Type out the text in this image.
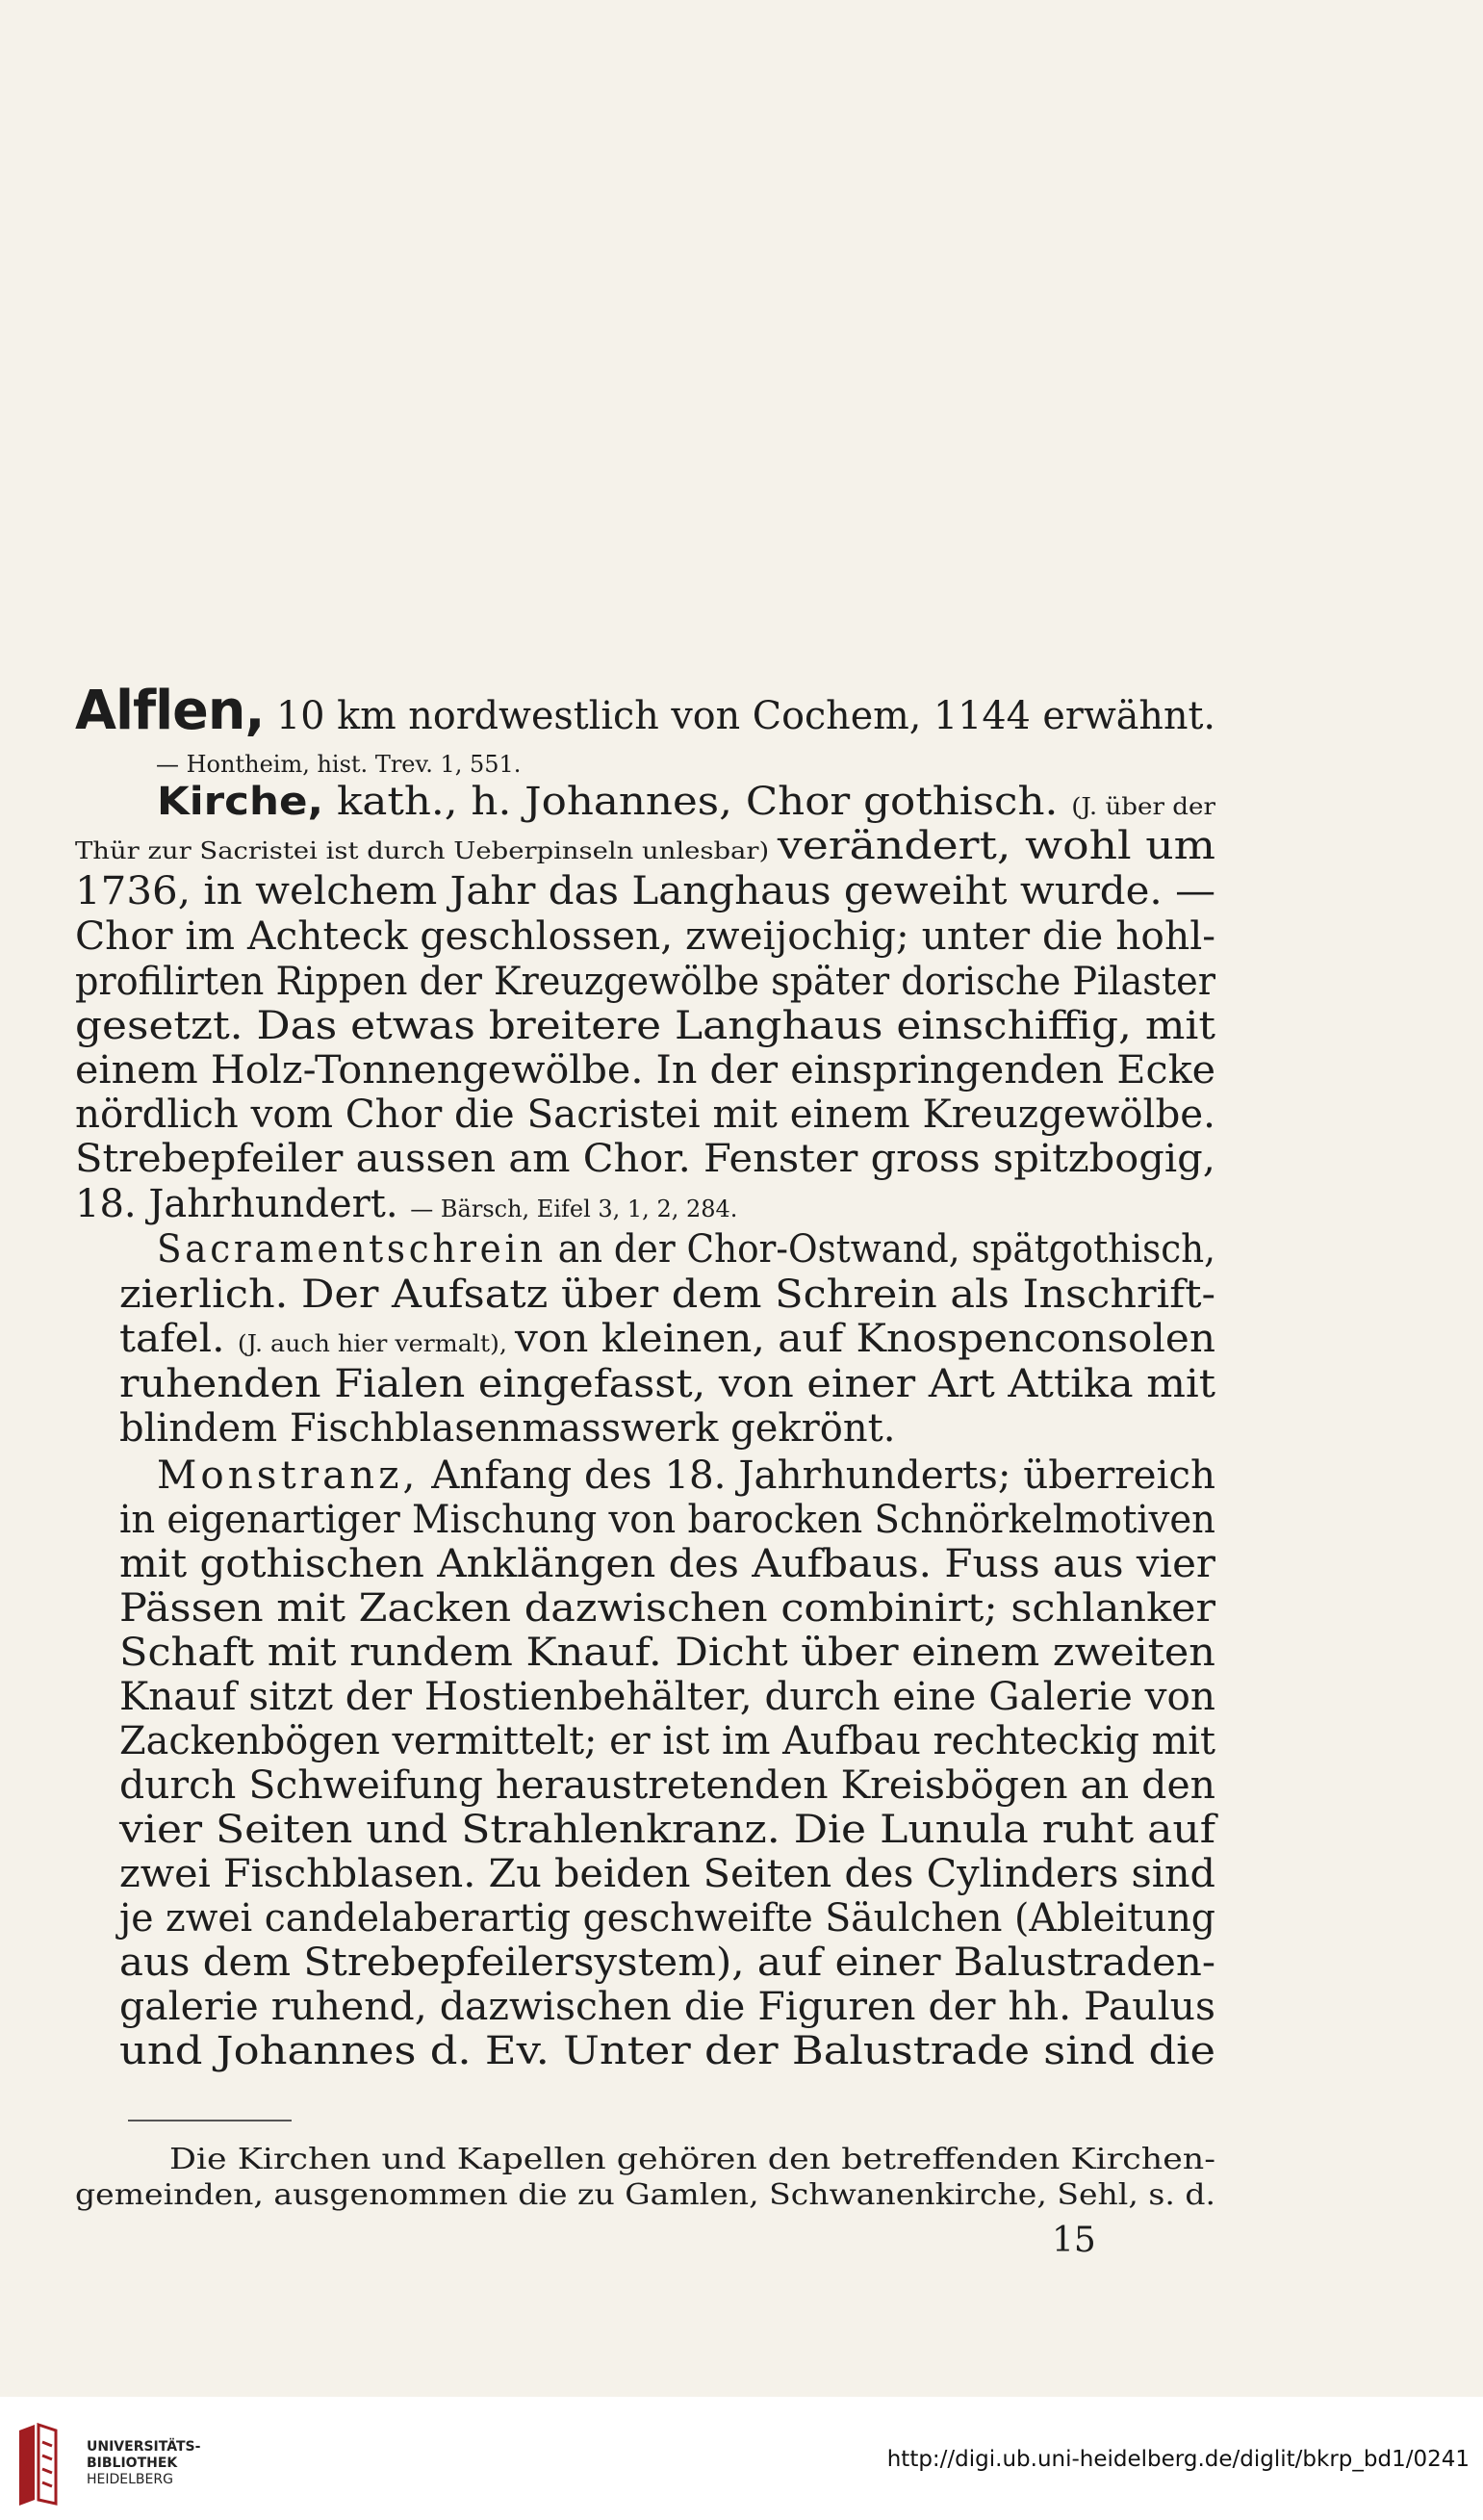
Alflen, 10 km nordwestlich von Cochem, 1144 erwähnt.
— Hontheim, hist. Trev. 1, 551.
Kirche, kath., h. Johannes, Chor gothisch. (J. über der
Thür zur Sacristei ist durch Ueberpinseln unlesbar) verändert, wohl um
1736, in welchem Jahr das Langhaus geweiht wurde. —
Chor im Achteck geschlossen, zweijochig; unter die hohl-
profilirten Rippen der Kreuzgewölbe später dorische Pilaster
gesetzt. Das etwas breitere Langhaus einschiffig, mit
einem Holz-Tonnengewölbe. In der einspringenden Ecke
nördlich vom Chor die Sacristei mit einem Kreuzgewölbe.
Strebepfeiler aussen am Chor. Fenster gross spitzbogig,
18. Jahrhundert. — Bärsch, Eifel 3, 1, 2, 284.
Sacramentschrein an der Chor-Ostwand, spätgothisch,
zierlich. Der Aufsatz über dem Schrein als Inschrift-
tafel. (J. auch hier vermalt), von kleinen, auf Knospenconsolen
ruhenden Fialen eingefasst, von einer Art Attika mit
blindem Fischblasenmasswerk gekrönt.
Monstranz, Anfang des 18. Jahrhunderts; überreich
in eigenartiger Mischung von barocken Schnörkelmotiven
mit gothischen Anklängen des Aufbaus. Fuss aus vier
Pässen mit Zacken dazwischen combinirt; schlanker
Schaft mit rundem Knauf. Dicht über einem zweiten
Knauf sitzt der Hostienbehälter, durch eine Galerie von
Zackenbögen vermittelt; er ist im Aufbau rechteckig mit
durch Schweifung heraustretenden Kreisbögen an den
vier Seiten und Strahlenkranz. Die Lunula ruht auf
zwei Fischblasen. Zu beiden Seiten des Cylinders sind
je zwei candelaberartig geschweifte Säulchen (Ableitung
aus dem Strebepfeilersystem), auf einer Balustraden-
galerie ruhend, dazwischen die Figuren der hh. Paulus
und Johannes d. Ev. Unter der Balustrade sind die
Die Kirchen und Kapellen gehören den betreffenden Kirchen-
gemeinden, ausgenommen die zu Gamlen, Schwanenkirche, Sehl, s. d.
15
UNIVERSITÄTS-
BIBLIOTHEK
HEIDELBERG
http://digi.ub.uni-heidelberg.de/diglit/bkrp_bd1/0241
